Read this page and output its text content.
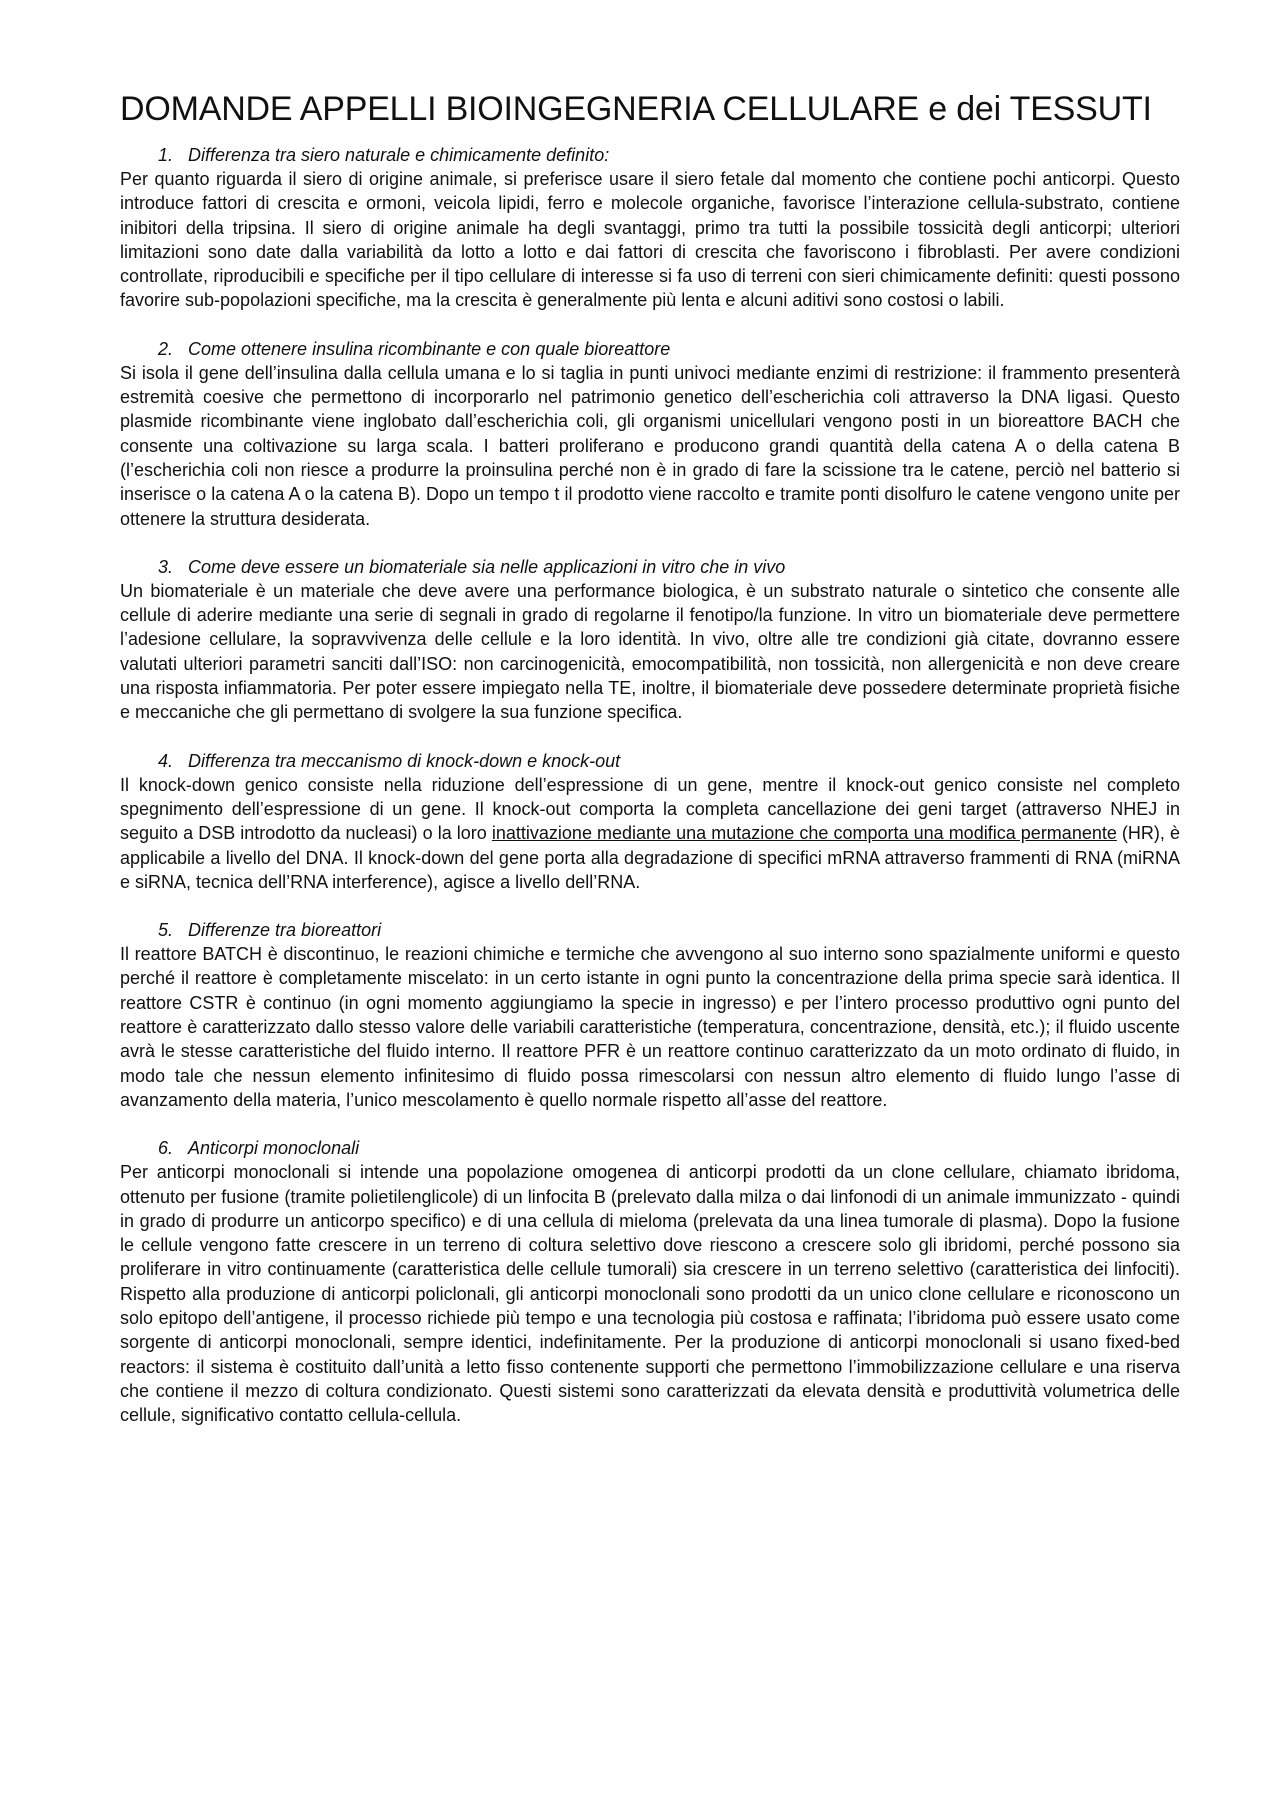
DOMANDE APPELLI BIOINGEGNERIA CELLULARE e dei TESSUTI

1. Differenza tra siero naturale e chimicamente definito:

Per quanto riguarda il siero di origine animale, si preferisce usare il siero fetale dal momento che contiene pochi anticorpi. Questo introduce fattori di crescita e ormoni, veicola lipidi, ferro e molecole organiche, favorisce l’interazione cellula-substrato, contiene inibitori della tripsina. Il siero di origine animale ha degli svantaggi, primo tra tutti la possibile tossicità degli anticorpi; ulteriori limitazioni sono date dalla variabilità da lotto a lotto e dai fattori di crescita che favoriscono i fibroblasti. Per avere condizioni controllate, riproducibili e specifiche per il tipo cellulare di interesse si fa uso di terreni con sieri chimicamente definiti: questi possono favorire sub-popolazioni specifiche, ma la crescita è generalmente più lenta e alcuni aditivi sono costosi o labili.

2. Come ottenere insulina ricombinante e con quale bioreattore

Si isola il gene dell’insulina dalla cellula umana e lo si taglia in punti univoci mediante enzimi di restrizione: il frammento presenterà estremità coesive che permettono di incorporarlo nel patrimonio genetico dell’escherichia coli attraverso la DNA ligasi. Questo plasmide ricombinante viene inglobato dall’escherichia coli, gli organismi unicellulari vengono posti in un bioreattore BACH che consente una coltivazione su larga scala. I batteri proliferano e producono grandi quantità della catena A o della catena B (l’escherichia coli non riesce a produrre la proinsulina perché non è in grado di fare la scissione tra le catene, perciò nel batterio si inserisce o la catena A o la catena B). Dopo un tempo t il prodotto viene raccolto e tramite ponti disolfuro le catene vengono unite per ottenere la struttura desiderata.

3. Come deve essere un biomateriale sia nelle applicazioni in vitro che in vivo

Un biomateriale è un materiale che deve avere una performance biologica, è un substrato naturale o sintetico che consente alle cellule di aderire mediante una serie di segnali in grado di regolarne il fenotipo/la funzione. In vitro un biomateriale deve permettere l’adesione cellulare, la sopravvivenza delle cellule e la loro identità. In vivo, oltre alle tre condizioni già citate, dovranno essere valutati ulteriori parametri sanciti dall’ISO: non carcinogenicità, emocompatibilità, non tossicità, non allergenicità e non deve creare una risposta infiammatoria. Per poter essere impiegato nella TE, inoltre, il biomateriale deve possedere determinate proprietà fisiche e meccaniche che gli permettano di svolgere la sua funzione specifica.

4. Differenza tra meccanismo di knock-down e knock-out

Il knock-down genico consiste nella riduzione dell’espressione di un gene, mentre il knock-out genico consiste nel completo spegnimento dell’espressione di un gene. Il knock-out comporta la completa cancellazione dei geni target (attraverso NHEJ in seguito a DSB introdotto da nucleasi) o la loro inattivazione mediante una mutazione che comporta una modifica permanente (HR), è applicabile a livello del DNA. Il knock-down del gene porta alla degradazione di specifici mRNA attraverso frammenti di RNA (miRNA e siRNA, tecnica dell’RNA interference), agisce a livello dell’RNA.

5. Differenze tra bioreattori

Il reattore BATCH è discontinuo, le reazioni chimiche e termiche che avvengono al suo interno sono spazialmente uniformi e questo perché il reattore è completamente miscelato: in un certo istante in ogni punto la concentrazione della prima specie sarà identica. Il reattore CSTR è continuo (in ogni momento aggiungiamo la specie in ingresso) e per l’intero processo produttivo ogni punto del reattore è caratterizzato dallo stesso valore delle variabili caratteristiche (temperatura, concentrazione, densità, etc.); il fluido uscente avrà le stesse caratteristiche del fluido interno. Il reattore PFR è un reattore continuo caratterizzato da un moto ordinato di fluido, in modo tale che nessun elemento infinitesimo di fluido possa rimescolarsi con nessun altro elemento di fluido lungo l’asse di avanzamento della materia, l’unico mescolamento è quello normale rispetto all’asse del reattore.

6. Anticorpi monoclonali

Per anticorpi monoclonali si intende una popolazione omogenea di anticorpi prodotti da un clone cellulare, chiamato ibridoma, ottenuto per fusione (tramite polietilenglicole) di un linfocita B (prelevato dalla milza o dai linfonodi di un animale immunizzato - quindi in grado di produrre un anticorpo specifico) e di una cellula di mieloma (prelevata da una linea tumorale di plasma). Dopo la fusione le cellule vengono fatte crescere in un terreno di coltura selettivo dove riescono a crescere solo gli ibridomi, perché possono sia proliferare in vitro continuamente (caratteristica delle cellule tumorali) sia crescere in un terreno selettivo (caratteristica dei linfociti). Rispetto alla produzione di anticorpi policlonali, gli anticorpi monoclonali sono prodotti da un unico clone cellulare e riconoscono un solo epitopo dell’antigene, il processo richiede più tempo e una tecnologia più costosa e raffinata; l’ibridoma può essere usato come sorgente di anticorpi monoclonali, sempre identici, indefinitamente. Per la produzione di anticorpi monoclonali si usano fixed-bed reactors: il sistema è costituito dall’unità a letto fisso contenente supporti che permettono l’immobilizzazione cellulare e una riserva che contiene il mezzo di coltura condizionato. Questi sistemi sono caratterizzati da elevata densità e produttività volumetrica delle cellule, significativo contatto cellula-cellula.
